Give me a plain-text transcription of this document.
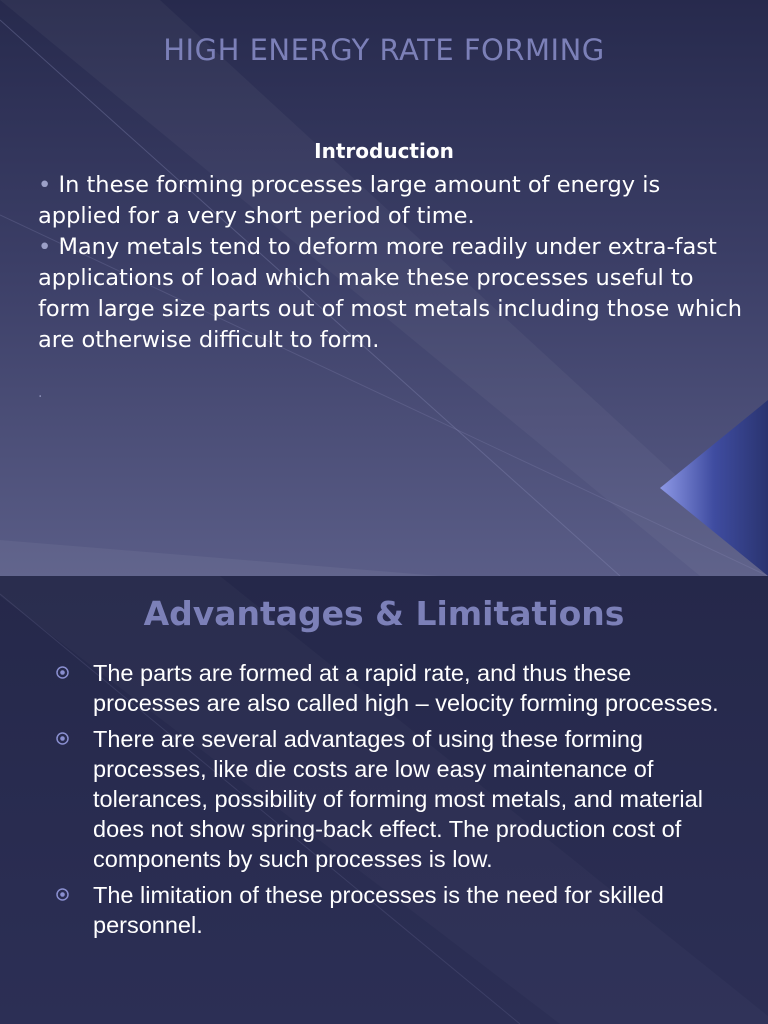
HIGH ENERGY RATE FORMING
Introduction

• In these forming processes large amount of energy is applied for a very short period of time.

• Many metals tend to deform more readily under extra-fast applications of load which make these processes useful to form large size parts out of most metals including those which are otherwise difficult to form.

.
Advantages & Limitations
The parts are formed at a rapid rate, and thus these processes are also called high – velocity forming processes.
There are several advantages of using these forming processes, like die costs are low easy maintenance of tolerances, possibility of forming most metals, and material does not show spring-back effect. The production cost of components by such processes is low.
The limitation of these processes is the need for skilled personnel.
